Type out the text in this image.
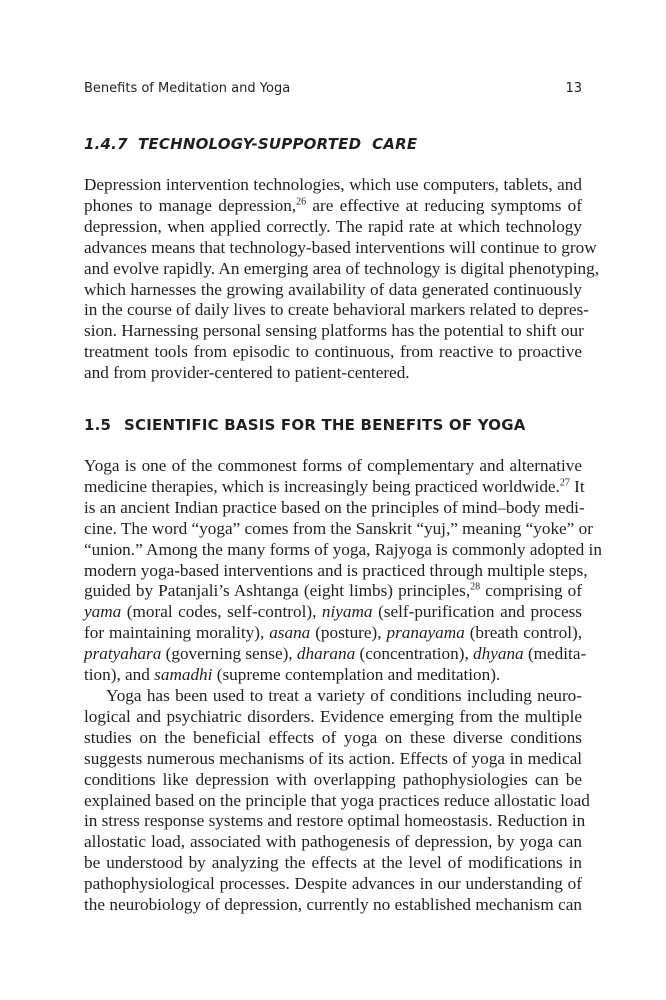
Benefits of Meditation and Yoga	13
1.4.7 TECHNOLOGY-SUPPORTED  CARE
Depression intervention technologies, which use computers, tablets, and
phones to manage depression,$^{26}$ are effective at reducing symptoms of
depression, when applied correctly. The rapid rate at which technology
advances means that technology-based interventions will continue to grow
and evolve rapidly. An emerging area of technology is digital phenotyping,
which harnesses the growing availability of data generated continuously
in the course of daily lives to create behavioral markers related to depres-
sion. Harnessing personal sensing platforms has the potential to shift our
treatment tools from episodic to continuous, from reactive to proactive
and from provider-centered to patient-centered.
1.5 SCIENTIFIC BASIS FOR THE BENEFITS OF YOGA
Yoga is one of the commonest forms of complementary and alternative
medicine therapies, which is increasingly being practiced worldwide.$^{27}$ It
is an ancient Indian practice based on the principles of mind–body medi-
cine. The word “yoga” comes from the Sanskrit “yuj,” meaning “yoke” or
“union.” Among the many forms of yoga, Rajyoga is commonly adopted in
modern yoga-based interventions and is practiced through multiple steps,
guided by Patanjali’s Ashtanga (eight limbs) principles,$^{28}$ comprising of
yama (moral codes, self-control), niyama (self-purification and process
for maintaining morality), asana (posture), pranayama (breath control),
pratyahara (governing sense), dharana (concentration), dhyana (medita-
tion), and samadhi (supreme contemplation and meditation).
Yoga has been used to treat a variety of conditions including neuro-
logical and psychiatric disorders. Evidence emerging from the multiple
studies on the beneficial effects of yoga on these diverse conditions
suggests numerous mechanisms of its action. Effects of yoga in medical
conditions like depression with overlapping pathophysiologies can be
explained based on the principle that yoga practices reduce allostatic load
in stress response systems and restore optimal homeostasis. Reduction in
allostatic load, associated with pathogenesis of depression, by yoga can
be understood by analyzing the effects at the level of modifications in
pathophysiological processes. Despite advances in our understanding of
the neurobiology of depression, currently no established mechanism can
